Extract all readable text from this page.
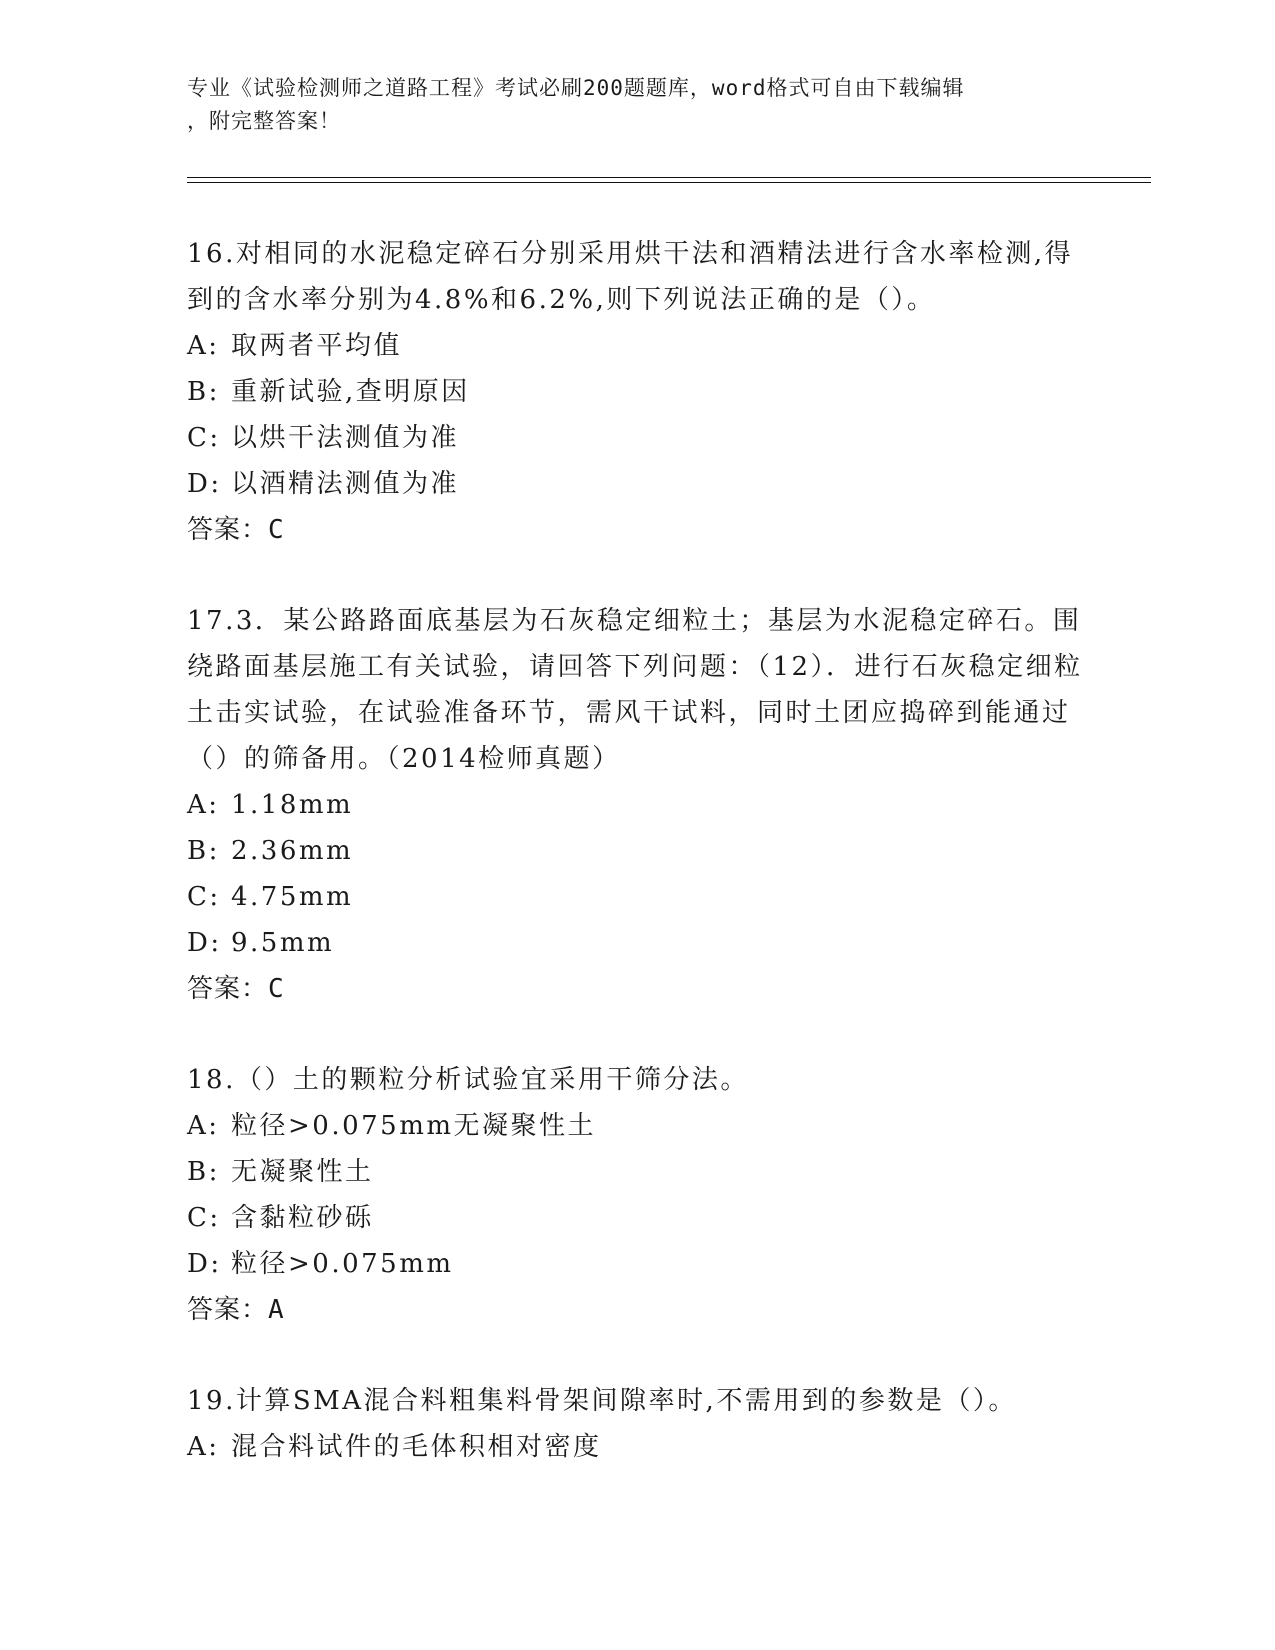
专业《试验检测师之道路工程》考试必刷200题题库，word格式可自由下载编辑
，附完整答案！

16.对相同的水泥稳定碎石分别采用烘干法和酒精法进行含水率检测,得到的含水率分别为4.8%和6.2%,则下列说法正确的是（）。

A: 取两者平均值

B: 重新试验,查明原因

C: 以烘干法测值为准

D: 以酒精法测值为准

答案：C

17.3．某公路路面底基层为石灰稳定细粒土；基层为水泥稳定碎石。围绕路面基层施工有关试验，请回答下列问题：（12）．进行石灰稳定细粒土击实试验，在试验准备环节，需风干试料，同时土团应捣碎到能通过（）的筛备用。（2014检师真题）

A: 1.18mm

B: 2.36mm

C: 4.75mm

D: 9.5mm

答案：C

18.（）土的颗粒分析试验宜采用干筛分法。

A: 粒径>0.075mm无凝聚性土

B: 无凝聚性土

C: 含黏粒砂砾

D: 粒径>0.075mm

答案：A

19.计算SMA混合料粗集料骨架间隙率时,不需用到的参数是（）。

A: 混合料试件的毛体积相对密度
